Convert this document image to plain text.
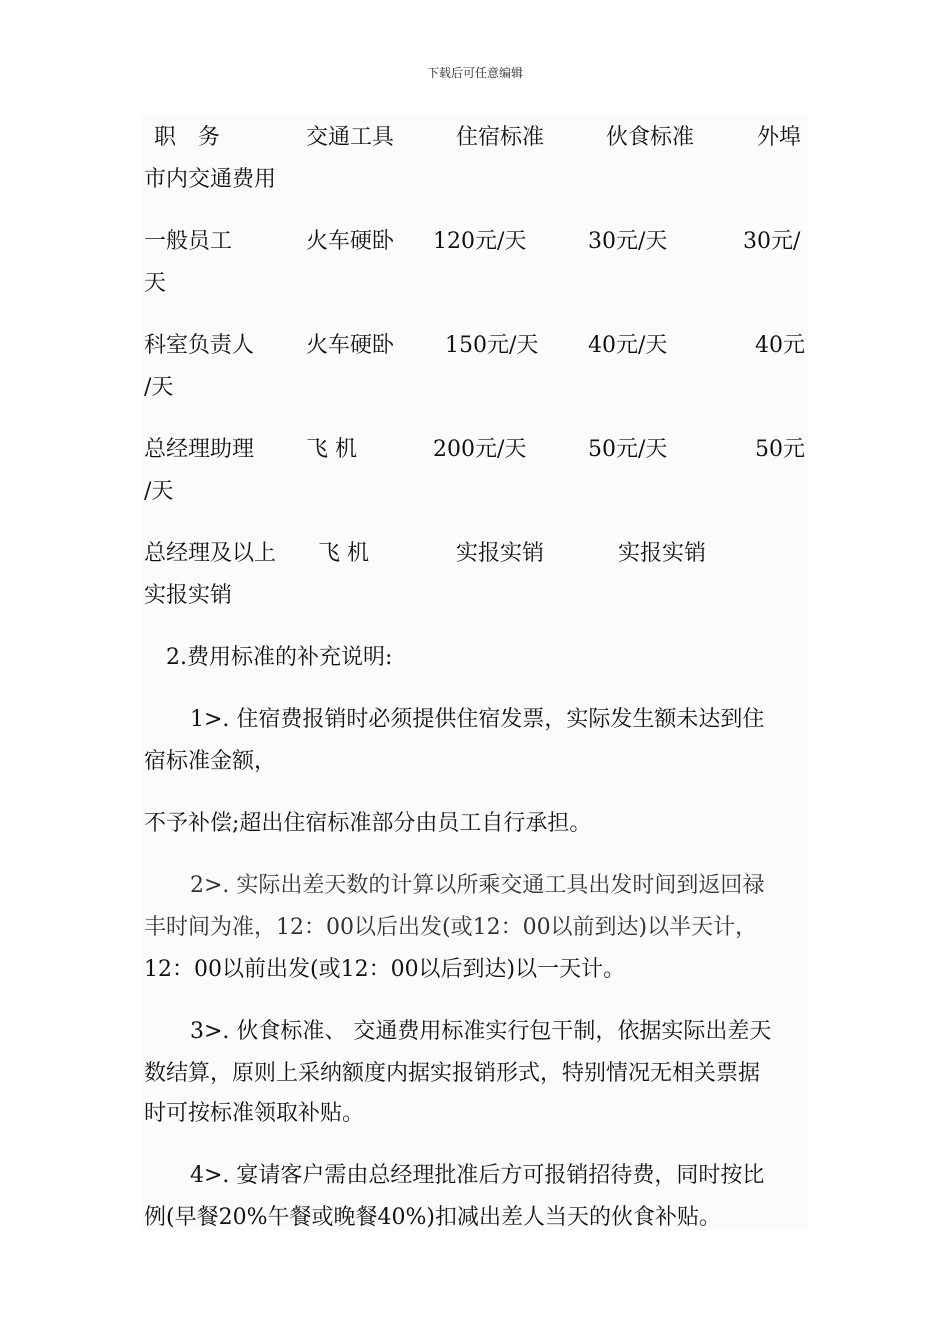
下载后可任意编辑
职　务	交通工具	住宿标准	伙食标准	外埠
市内交通费用
一般员工	火车硬卧 120元/天	30元/天	30元/
天
科室负责人 火车硬卧 150元/天 40元/天	40元
/天
总经理助理 飞 机	200元/天	50元/天	50元
/天
总经理及以上 飞 机	实报实销	实报实销
实报实销
2.费用标准的补充说明:
1>. 住宿费报销时必须提供住宿发票，实际发生额未达到住
宿标准金额，
不予补偿;超出住宿标准部分由员工自行承担。
2>. 实际出差天数的计算以所乘交通工具出发时间到返回禄
丰时间为准，12：00以后出发(或12：00以前到达)以半天计，
12：00以前出发(或12：00以后到达)以一天计。
3>. 伙食标准、 交通费用标准实行包干制，依据实际出差天
数结算，原则上采纳额度内据实报销形式，特别情况无相关票据
时可按标准领取补贴。
4>. 宴请客户需由总经理批准后方可报销招待费，同时按比
例(早餐20%午餐或晚餐40%)扣减出差人当天的伙食补贴。
